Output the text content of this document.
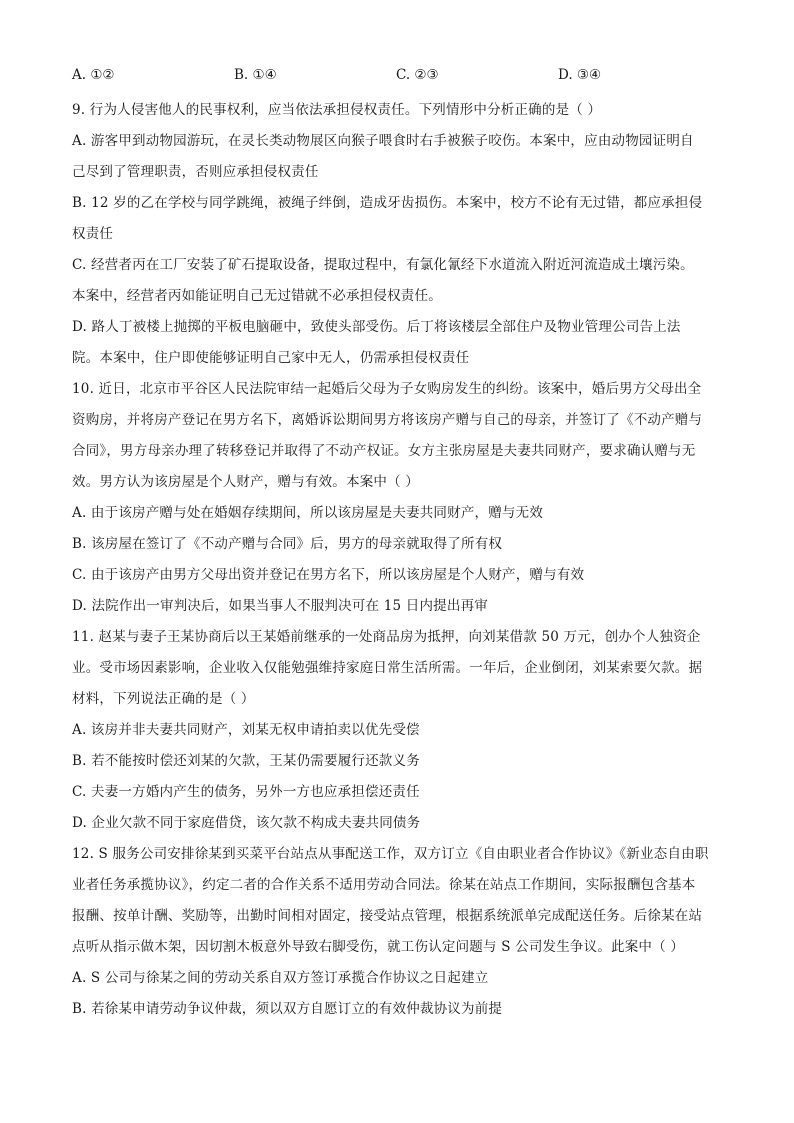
A. ①②	B. ①④	C. ②③	D. ③④
9. 行为人侵害他人的民事权利，应当依法承担侵权责任。下列情形中分析正确的是（ ）
A. 游客甲到动物园游玩，在灵长类动物展区向猴子喂食时右手被猴子咬伤。本案中，应由动物园证明自
己尽到了管理职责，否则应承担侵权责任
B. 12 岁的乙在学校与同学跳绳，被绳子绊倒，造成牙齿损伤。本案中，校方不论有无过错，都应承担侵
权责任
C. 经营者丙在工厂安装了矿石提取设备，提取过程中，有氯化氰经下水道流入附近河流造成土壤污染。
本案中，经营者丙如能证明自己无过错就不必承担侵权责任。
D. 路人丁被楼上抛掷的平板电脑砸中，致使头部受伤。后丁将该楼层全部住户及物业管理公司告上法
院。本案中，住户即使能够证明自己家中无人，仍需承担侵权责任
10. 近日，北京市平谷区人民法院审结一起婚后父母为子女购房发生的纠纷。该案中，婚后男方父母出全
资购房，并将房产登记在男方名下，离婚诉讼期间男方将该房产赠与自己的母亲，并签订了《不动产赠与
合同》，男方母亲办理了转移登记并取得了不动产权证。女方主张房屋是夫妻共同财产，要求确认赠与无
效。男方认为该房屋是个人财产，赠与有效。本案中（ ）
A. 由于该房产赠与处在婚姻存续期间，所以该房屋是夫妻共同财产，赠与无效
B. 该房屋在签订了《不动产赠与合同》后，男方的母亲就取得了所有权
C. 由于该房产由男方父母出资并登记在男方名下，所以该房屋是个人财产，赠与有效
D. 法院作出一审判决后，如果当事人不服判决可在 15 日内提出再审
11. 赵某与妻子王某协商后以王某婚前继承的一处商品房为抵押，向刘某借款 50 万元，创办个人独资企
业。受市场因素影响，企业收入仅能勉强维持家庭日常生活所需。一年后，企业倒闭，刘某索要欠款。据
材料，下列说法正确的是（ ）
A. 该房并非夫妻共同财产，刘某无权申请拍卖以优先受偿
B. 若不能按时偿还刘某的欠款，王某仍需要履行还款义务
C. 夫妻一方婚内产生的债务，另外一方也应承担偿还责任
D. 企业欠款不同于家庭借贷，该欠款不构成夫妻共同债务
12. S 服务公司安排徐某到买菜平台站点从事配送工作，双方订立《自由职业者合作协议》《新业态自由职
业者任务承揽协议》，约定二者的合作关系不适用劳动合同法。徐某在站点工作期间，实际报酬包含基本
报酬、按单计酬、奖励等，出勤时间相对固定，接受站点管理，根据系统派单完成配送任务。后徐某在站
点听从指示做木架，因切割木板意外导致右脚受伤，就工伤认定问题与 S 公司发生争议。此案中（ ）
A. S 公司与徐某之间的劳动关系自双方签订承揽合作协议之日起建立
B. 若徐某申请劳动争议仲裁，须以双方自愿订立的有效仲裁协议为前提
